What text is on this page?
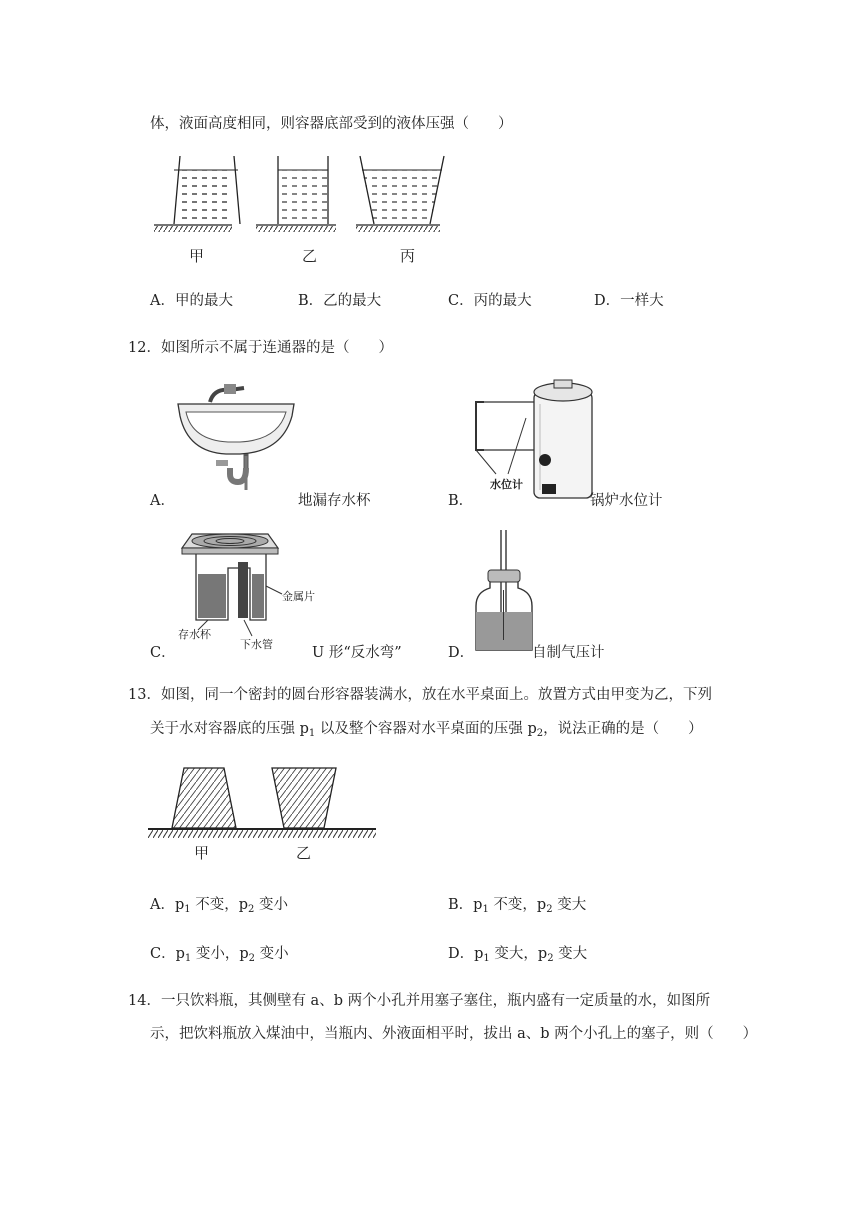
体，液面高度相同，则容器底部受到的液体压强（　　）
甲	乙	丙
A．甲的最大	B．乙的最大	C．丙的最大	D．一样大
12．如图所示不属于连通器的是（　　）
A．	地漏存水杯
水位计
B．	锅炉水位计
金属片
存水杯
下水管
C．	U 形“反水弯”	D．	自制气压计
13．如图，同一个密封的圆台形容器装满水，放在水平桌面上。放置方式由甲变为乙，下列
关于水对容器底的压强 $p_1$ 以及整个容器对水平桌面的压强 $p_2$，说法正确的是（　　）
甲	乙
A．$p_1$ 不变，$p_2$ 变小	B．$p_1$ 不变，$p_2$ 变大
C．$p_1$ 变小，$p_2$ 变小	D．$p_1$ 变大，$p_2$ 变大
14．一只饮料瓶，其侧壁有 a、b 两个小孔并用塞子塞住，瓶内盛有一定质量的水，如图所
示，把饮料瓶放入煤油中，当瓶内、外液面相平时，拔出 a、b 两个小孔上的塞子，则（　　）
